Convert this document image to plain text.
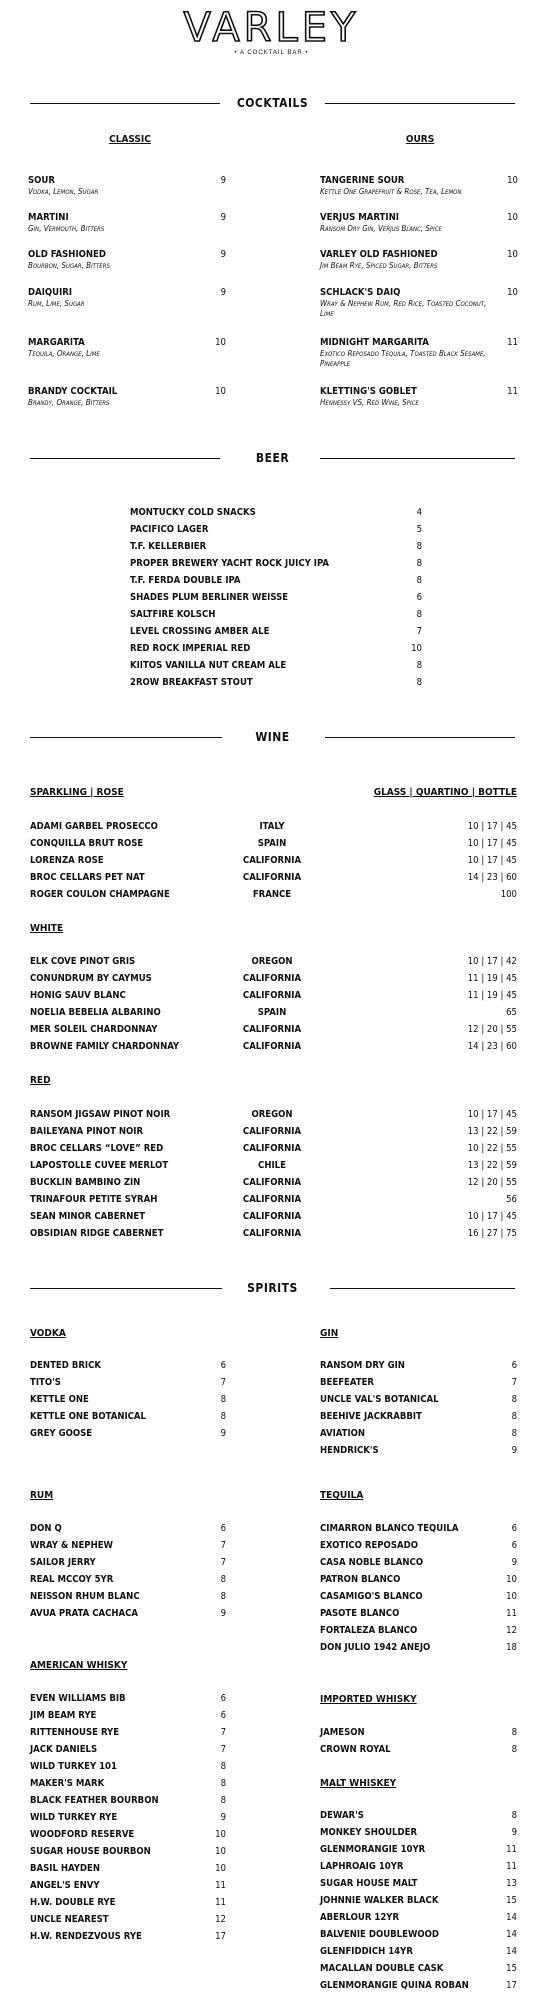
VARLEY
• A COCKTAIL BAR •
COCKTAILS
CLASSIC	OURS
SOUR
Vodka, Lemon, Sugar
9
MARTINI
Gin, Vermouth, Bitters
9
OLD FASHIONED
Bourbon, Sugar, Bitters
9
DAIQUIRI
Rum, Lime, Sugar
9
MARGARITA
Tequila, Orange, Lime
10
BRANDY COCKTAIL
Brandy, Orange, Bitters
10
TANGERINE SOUR
Kettle One Grapefruit & Rose, Tea, Lemon
10
VERJUS MARTINI
Ransom Dry Gin, Verjus Blanc, Spice
10
VARLEY OLD FASHIONED
Jim Beam Rye, Spiced Sugar, Bitters
10
SCHLACK'S DAIQ
Wray & Nephew Rum, Red Rice, Toasted Coconut, Lime
10
MIDNIGHT MARGARITA
Exotico Reposado Tequila, Toasted Black Sesame, Pineapple
11
KLETTING'S GOBLET
Hennessy VS, Red Wine, Spice
11
BEER
MONTUCKY COLD SNACKS	4
PACIFICO LAGER	5
T.F. KELLERBIER	8
PROPER BREWERY YACHT ROCK JUICY IPA	8
T.F. FERDA DOUBLE IPA	8
SHADES PLUM BERLINER WEISSE	6
SALTFIRE KOLSCH	8
LEVEL CROSSING AMBER ALE	7
RED ROCK IMPERIAL RED	10
KIITOS VANILLA NUT CREAM ALE	8
2ROW BREAKFAST STOUT	8
WINE
SPARKLING | ROSE	GLASS | QUARTINO | BOTTLE
WHITE
RED
ADAMI GARBEL PROSECCO	ITALY	10 | 17 | 45
CONQUILLA BRUT ROSE	SPAIN	10 | 17 | 45
LORENZA ROSE	CALIFORNIA	10 | 17 | 45
BROC CELLARS PET NAT	CALIFORNIA	14 | 23 | 60
ROGER COULON CHAMPAGNE	FRANCE	100
ELK COVE PINOT GRIS	OREGON	10 | 17 | 42
CONUNDRUM BY CAYMUS	CALIFORNIA	11 | 19 | 45
HONIG SAUV BLANC	CALIFORNIA	11 | 19 | 45
NOELIA BEBELIA ALBARINO	SPAIN	65
MER SOLEIL CHARDONNAY	CALIFORNIA	12 | 20 | 55
BROWNE FAMILY CHARDONNAY	CALIFORNIA	14 | 23 | 60
RANSOM JIGSAW PINOT NOIR	OREGON	10 | 17 | 45
BAILEYANA PINOT NOIR	CALIFORNIA	13 | 22 | 59
BROC CELLARS “LOVE” RED	CALIFORNIA	10 | 22 | 55
LAPOSTOLLE CUVEE MERLOT	CHILE	13 | 22 | 59
BUCKLIN BAMBINO ZIN	CALIFORNIA	12 | 20 | 55
TRINAFOUR PETITE SYRAH	CALIFORNIA	56
SEAN MINOR CABERNET	CALIFORNIA	10 | 17 | 45
OBSIDIAN RIDGE CABERNET	CALIFORNIA	16 | 27 | 75
SPIRITS
VODKA
DENTED BRICK	6
TITO'S	7
KETTLE ONE	8
KETTLE ONE BOTANICAL	8
GREY GOOSE	9
GIN
RANSOM DRY GIN	6
BEEFEATER	7
UNCLE VAL'S BOTANICAL	8
BEEHIVE JACKRABBIT	8
AVIATION	8
HENDRICK'S	9
RUM
DON Q	6
WRAY & NEPHEW	7
SAILOR JERRY	7
REAL MCCOY 5YR	8
NEISSON RHUM BLANC	8
AVUA PRATA CACHACA	9
TEQUILA
CIMARRON BLANCO TEQUILA	6
EXOTICO REPOSADO	6
CASA NOBLE BLANCO	9
PATRON BLANCO	10
CASAMIGO'S BLANCO	10
PASOTE BLANCO	11
FORTALEZA BLANCO	12
DON JULIO 1942 ANEJO	18
AMERICAN WHISKY
EVEN WILLIAMS BIB	6
JIM BEAM RYE	6
RITTENHOUSE RYE	7
JACK DANIELS	7
WILD TURKEY 101	8
MAKER'S MARK	8
BLACK FEATHER BOURBON	8
WILD TURKEY RYE	9
WOODFORD RESERVE	10
SUGAR HOUSE BOURBON	10
BASIL HAYDEN	10
ANGEL'S ENVY	11
H.W. DOUBLE RYE	11
UNCLE NEAREST	12
H.W. RENDEZVOUS RYE	17
IMPORTED WHISKY
JAMESON	8
CROWN ROYAL	8
MALT WHISKEY
DEWAR'S	8
MONKEY SHOULDER	9
GLENMORANGIE 10YR	11
LAPHROAIG 10YR	11
SUGAR HOUSE MALT	13
JOHNNIE WALKER BLACK	15
ABERLOUR 12YR	14
BALVENIE DOUBLEWOOD	14
GLENFIDDICH 14YR	14
MACALLAN DOUBLE CASK	15
GLENMORANGIE QUINA ROBAN	17
